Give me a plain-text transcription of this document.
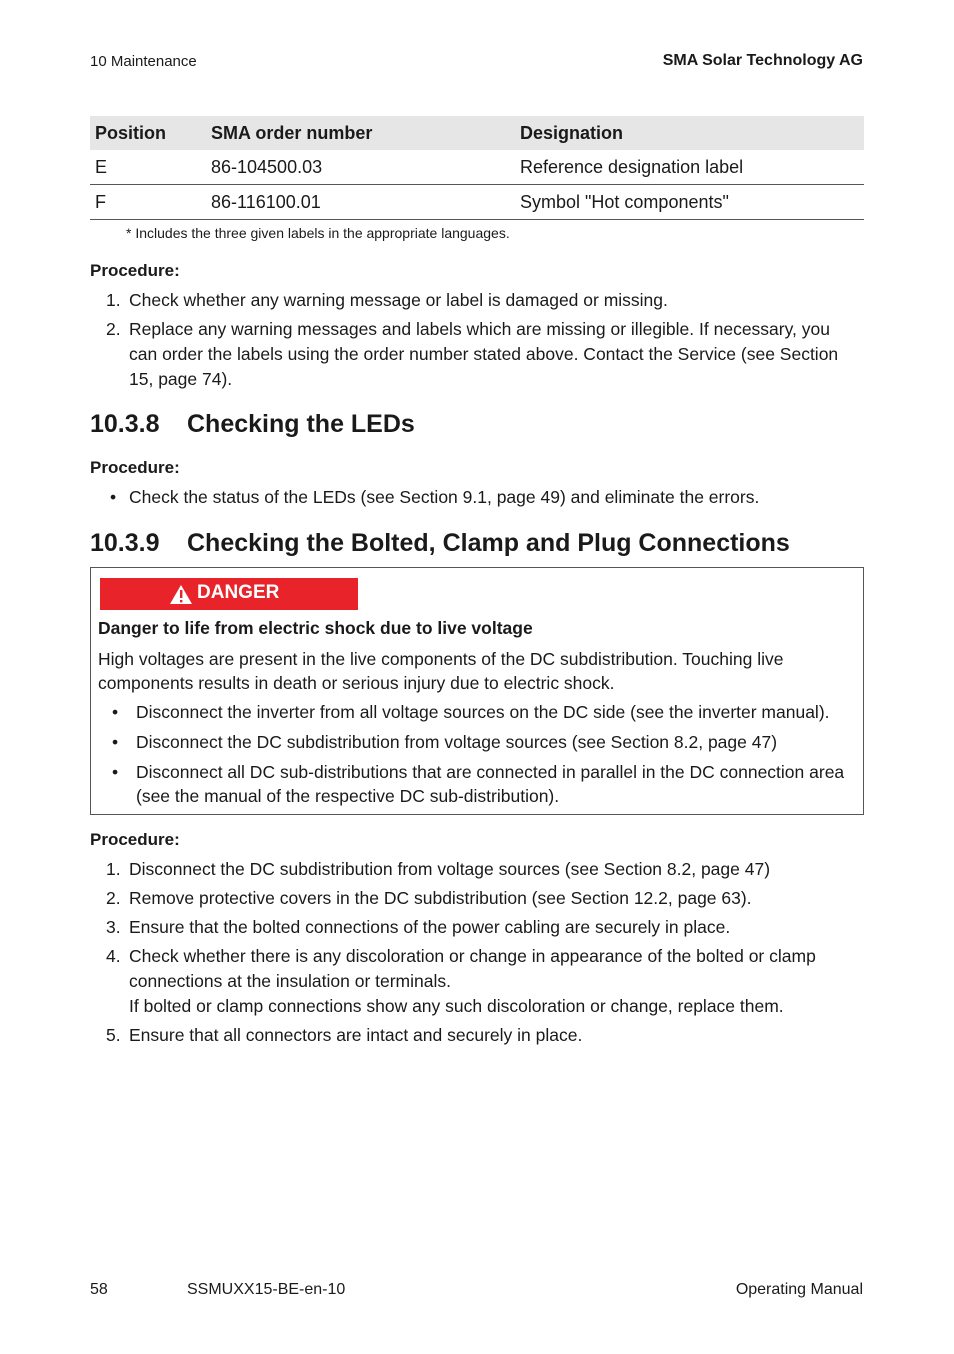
10 Maintenance	SMA Solar Technology AG
Position	SMA order number	Designation
E	86-104500.03	Reference designation label
F	86-116100.01	Symbol "Hot components"
* Includes the three given labels in the appropriate languages.
Procedure:
1. Check whether any warning message or label is damaged or missing.
2. Replace any warning messages and labels which are missing or illegible. If necessary, you can order the labels using the order number stated above. Contact the Service (see Section 15, page 74).
10.3.8 Checking the LEDs
Procedure:
• Check the status of the LEDs (see Section 9.1, page 49) and eliminate the errors.
10.3.9 Checking the Bolted, Clamp and Plug Connections
DANGER
Danger to life from electric shock due to live voltage
High voltages are present in the live components of the DC subdistribution. Touching live components results in death or serious injury due to electric shock.
• Disconnect the inverter from all voltage sources on the DC side (see the inverter manual).
• Disconnect the DC subdistribution from voltage sources (see Section 8.2, page 47)
• Disconnect all DC sub-distributions that are connected in parallel in the DC connection area (see the manual of the respective DC sub-distribution).
Procedure:
1. Disconnect the DC subdistribution from voltage sources (see Section 8.2, page 47)
2. Remove protective covers in the DC subdistribution (see Section 12.2, page 63).
3. Ensure that the bolted connections of the power cabling are securely in place.
4. Check whether there is any discoloration or change in appearance of the bolted or clamp connections at the insulation or terminals.
If bolted or clamp connections show any such discoloration or change, replace them.
5. Ensure that all connectors are intact and securely in place.
58	SSMUXX15-BE-en-10	Operating Manual
